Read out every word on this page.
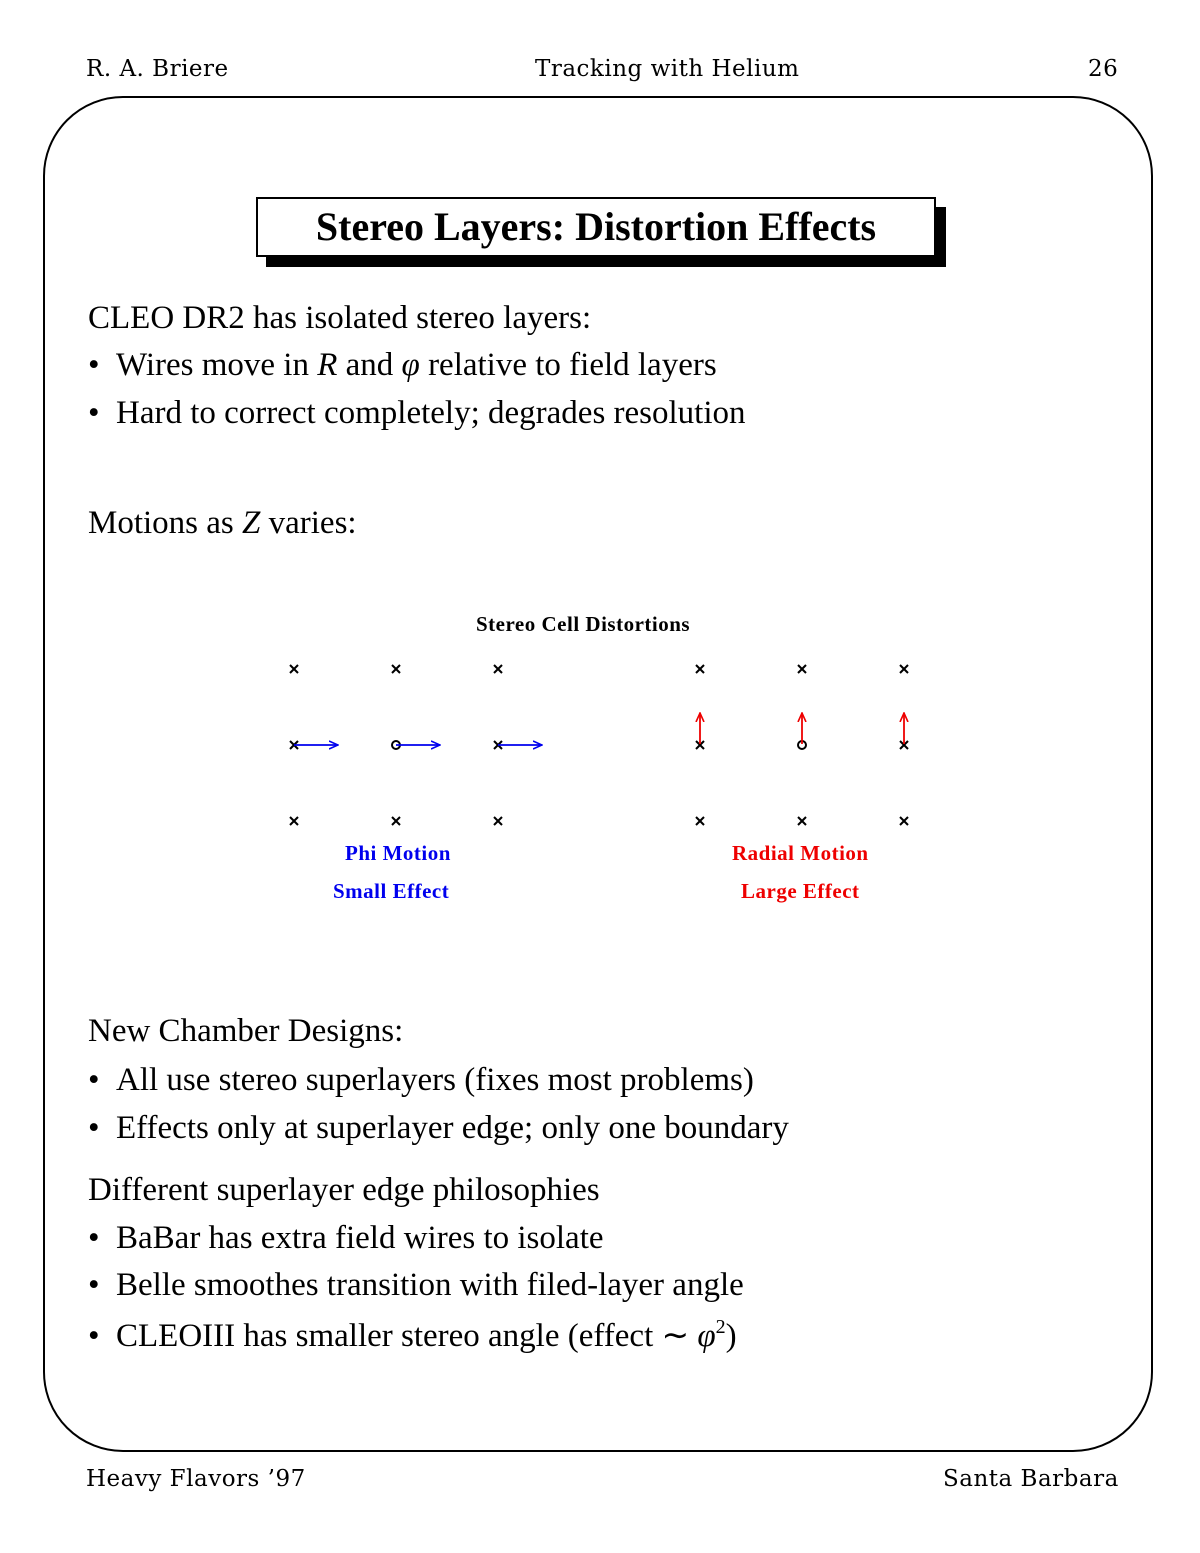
R. A. Briere	Tracking with Helium	26
Stereo Layers: Distortion Effects
CLEO DR2 has isolated stereo layers:
• Wires move in R and φ relative to field layers
• Hard to correct completely; degrades resolution
Motions as Z varies:
Stereo Cell Distortions
Phi Motion
Small Effect
Radial Motion
Large Effect
New Chamber Designs:
• All use stereo superlayers (fixes most problems)
• Effects only at superlayer edge; only one boundary
Different superlayer edge philosophies
• BaBar has extra field wires to isolate
• Belle smoothes transition with filed-layer angle
• CLEOIII has smaller stereo angle (effect ∼ $\varphi^2$)
Heavy Flavors ’97	Santa Barbara
